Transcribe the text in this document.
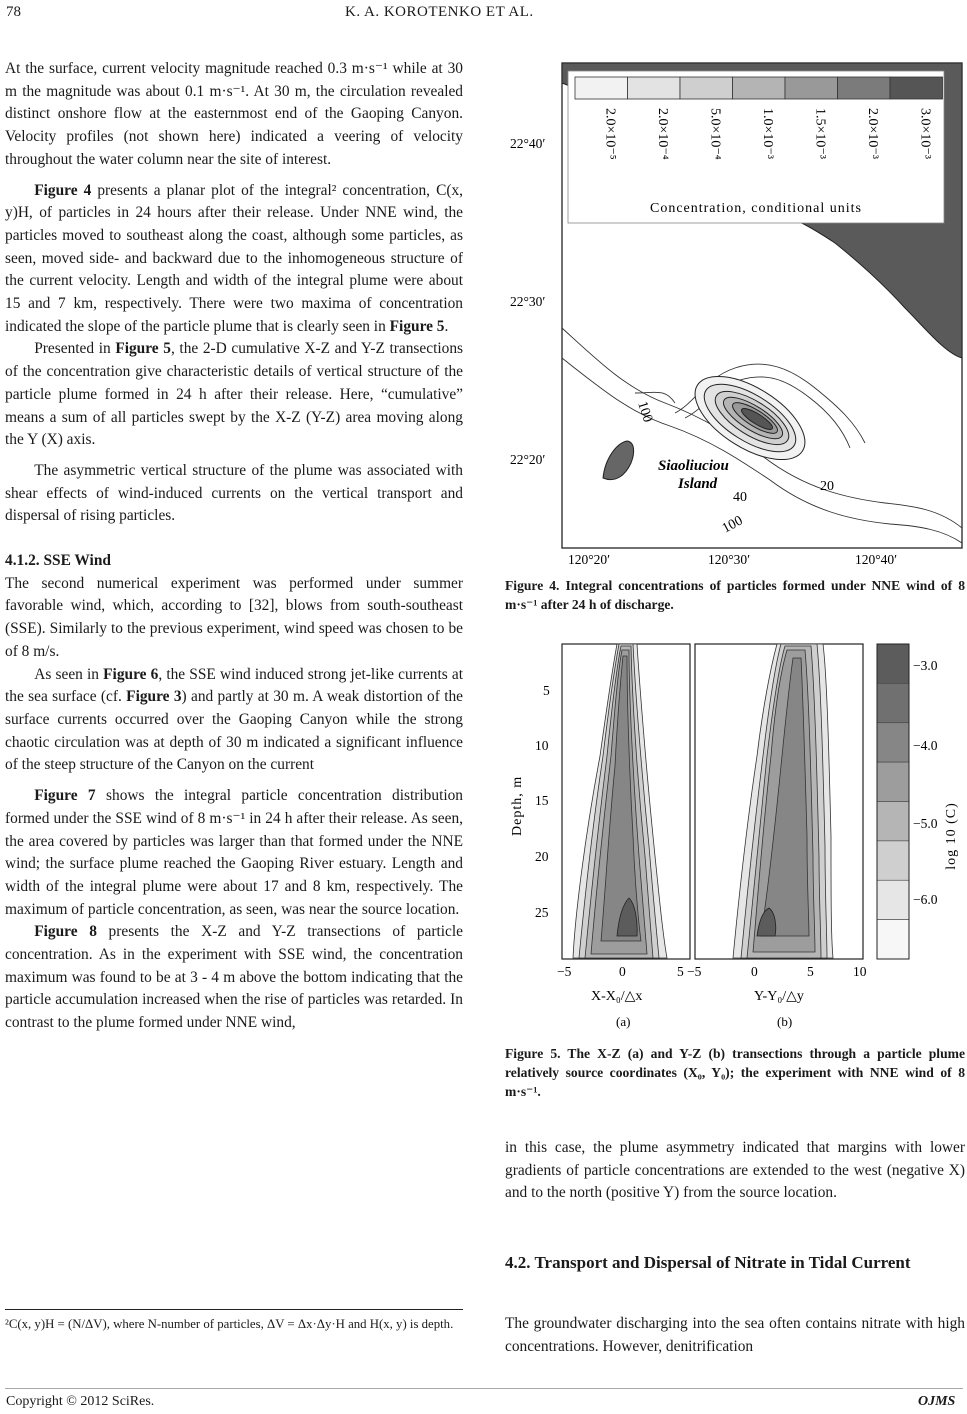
78	K. A. KOROTENKO ET AL.

At the surface, current velocity magnitude reached 0.3 m·s⁻¹ while at 30 m the magnitude was about 0.1 m·s⁻¹. At 30 m, the circulation revealed distinct onshore flow at the easternmost end of the Gaoping Canyon. Velocity profiles (not shown here) indicated a veering of velocity throughout the water column near the site of interest.

Figure 4 presents a planar plot of the integral² concentration, C(x, y)H, of particles in 24 hours after their release. Under NNE wind, the particles moved to southeast along the coast, although some particles, as seen, moved side- and backward due to the inhomogeneous structure of the current velocity. Length and width of the integral plume were about 15 and 7 km, respectively. There were two maxima of concentration indicated the slope of the particle plume that is clearly seen in Figure 5.

Presented in Figure 5, the 2-D cumulative X-Z and Y-Z transections of the concentration give characteristic details of vertical structure of the particle plume formed in 24 h after their release. Here, “cumulative” means a sum of all particles swept by the X-Z (Y-Z) area moving along the Y (X) axis.

The asymmetric vertical structure of the plume was associated with shear effects of wind-induced currents on the vertical transport and dispersal of rising particles.

4.1.2. SSE Wind

The second numerical experiment was performed under summer favorable wind, which, according to [32], blows from south-southeast (SSE). Similarly to the previous experiment, wind speed was chosen to be of 8 m/s.

As seen in Figure 6, the SSE wind induced strong jet-like currents at the sea surface (cf. Figure 3) and partly at 30 m. A weak distortion of the surface currents occurred over the Gaoping Canyon while the strong chaotic circulation was at depth of 30 m indicated a significant influence of the steep structure of the Canyon on the current

Figure 7 shows the integral particle concentration distribution formed under the SSE wind of 8 m·s⁻¹ in 24 h after their release. As seen, the area covered by particles was larger than that formed under the NNE wind; the surface plume reached the Gaoping River estuary. Length and width of the integral plume were about 17 and 8 km, respectively. The maximum of particle concentration, as seen, was near the source location.

Figure 8 presents the X-Z and Y-Z transections of particle concentration. As in the experiment with SSE wind, the concentration maximum was found to be at 3 - 4 m above the bottom indicating that the particle accumulation increased when the rise of particles was retarded. In contrast to the plume formed under NNE wind,

²C(x, y)H = (N/ΔV), where N-number of particles, ΔV = Δx·Δy·H and H(x, y) is depth.
2.0×10⁻⁵	2.0×10⁻⁴	5.0×10⁻⁴	1.0×10⁻³	1.5×10⁻³	2.0×10⁻³	3.0×10⁻³
Concentration, conditional units
100
40
20
100
Siaoliuciou
Island
22°40′
22°30′
22°20′
120°20′	120°30′	120°40′
Figure 4. Integral concentrations of particles formed under NNE wind of 8 m·s⁻¹ after 24 h of discharge.
5
10
15
20
25
Depth, m
−5	0	5 −5	0	5	10
X-X₀/△x	Y-Y₀/△y
−3.0
−4.0
−5.0
−6.0
log 10 (C)
(a)	(b)
Figure 5. The X-Z (a) and Y-Z (b) transections through a particle plume relatively source coordinates (X₀, Y₀); the experiment with NNE wind of 8 m·s⁻¹.
in this case, the plume asymmetry indicated that margins with lower gradients of particle concentrations are extended to the west (negative X) and to the north (positive Y) from the source location.
4.2. Transport and Dispersal of Nitrate in Tidal Current
The groundwater discharging into the sea often contains nitrate with high concentrations. However, denitrification
Copyright © 2012 SciRes.	OJMS
